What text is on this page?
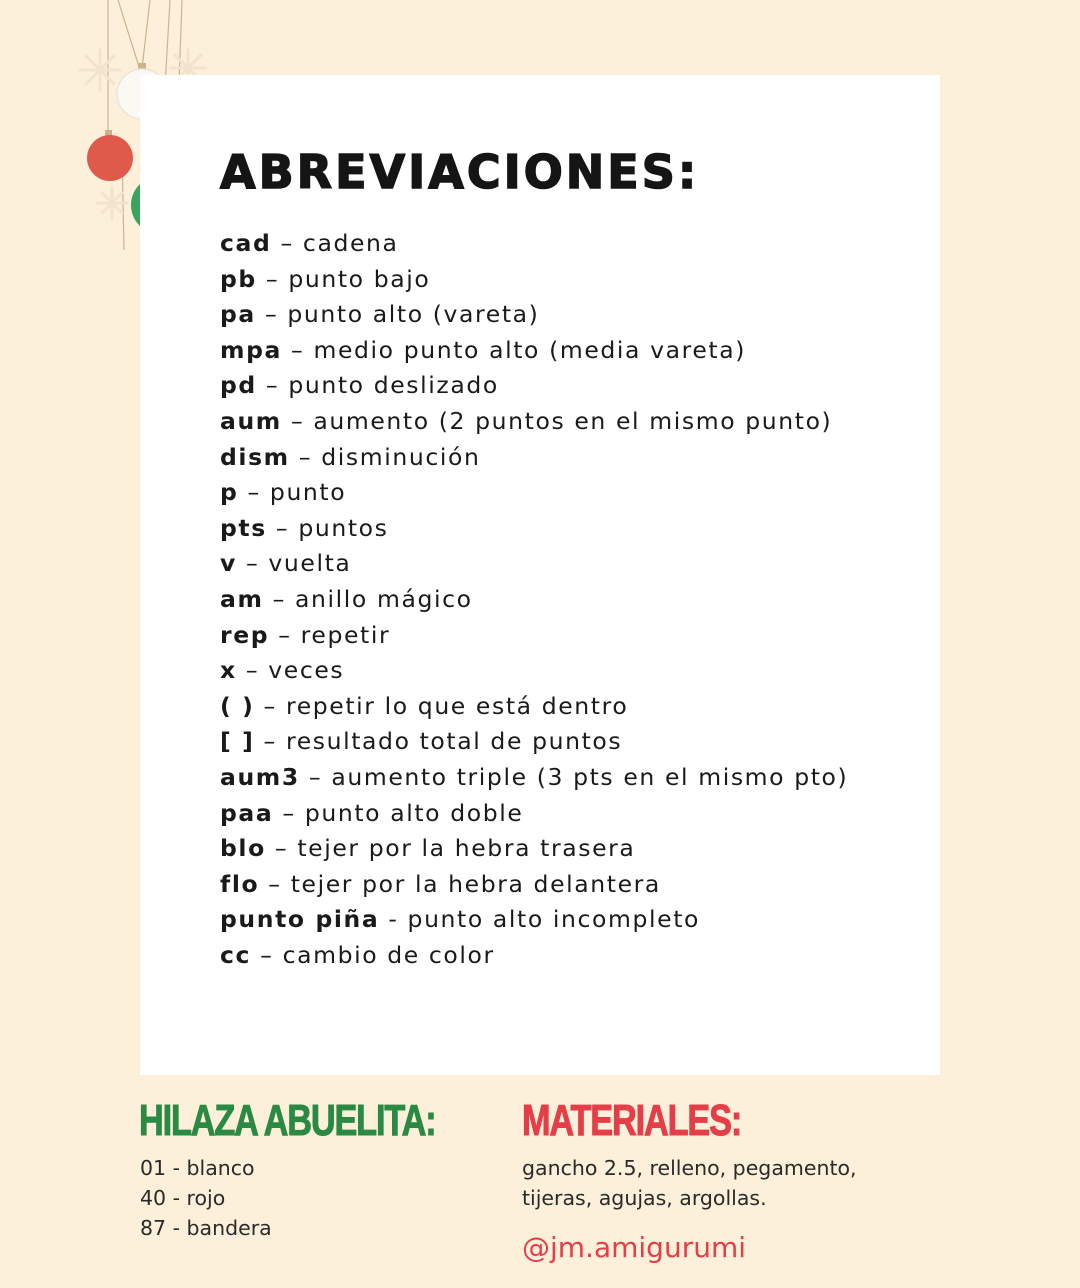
ABREVIACIONES:
cad – cadena
pb – punto bajo
pa – punto alto (vareta)
mpa – medio punto alto (media vareta)
pd – punto deslizado
aum – aumento (2 puntos en el mismo punto)
dism – disminución
p – punto
pts – puntos
v – vuelta
am – anillo mágico
rep – repetir
x – veces
( ) – repetir lo que está dentro
[ ] – resultado total de puntos
aum3 – aumento triple (3 pts en el mismo pto)
paa – punto alto doble
blo – tejer por la hebra trasera
flo – tejer por la hebra delantera
punto piña - punto alto incompleto
cc – cambio de color
HILAZA ABUELITA:
01 - blanco
40 - rojo
87 - bandera
MATERIALES:

gancho 2.5, relleno, pegamento, tijeras, agujas, argollas.

@jm.amigurumi
